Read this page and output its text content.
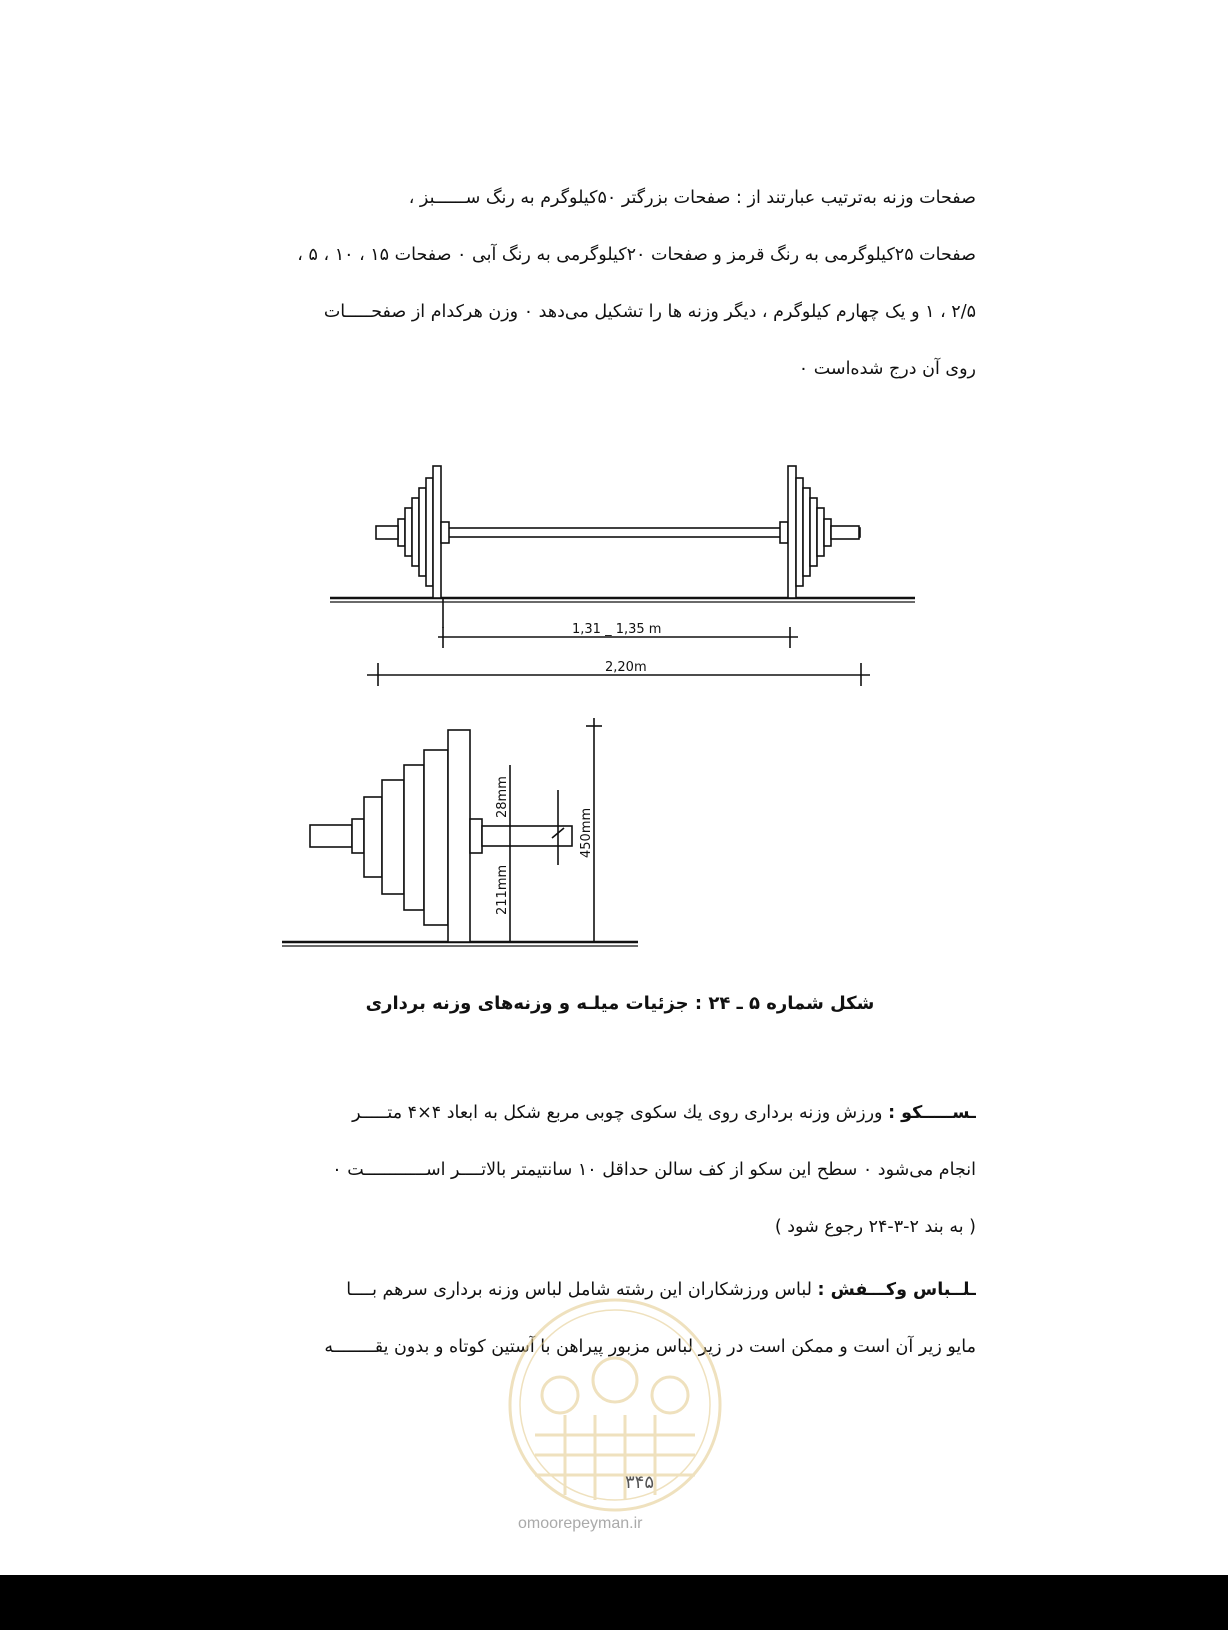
صفحات وزنه به‌ترتیب عبارتند از : صفحات بزرگتر ۵۰کیلوگرم به رنگ ســــــبز ،
صفحات ۲۵کیلوگرمی به رنگ قرمز و صفحات ۲۰کیلوگرمی به رنگ آبی ۰ صفحات ۱۵ ، ۱۰ ، ۵ ،
۲/۵ ، ۱ و یک چهارم کیلوگرم ، دیگر وزنه ها را تشکیل می‌دهد ۰ وزن هرکدام از صفحـــــات
روی آن درج شده‌است ۰
1,31 _ 1,35 m
2,20m
28mm
211mm
450mm
شکل شماره ۵ ـ ۲۴ : جزئیات میلـه و وزنه‌های وزنه برداری
ـســـــکو : ورزش وزنه برداری روی یك سکوی چوبی مربع شکل به ابعاد ۴×۴ متـــــر
انجام می‌شود ۰ سطح این سکو از کف سالن حداقل ۱۰ سانتیمتر بالاتــــر اســــــــــــت ۰
( به بند ۲-۳-۲۴ رجوع شود )
ـلــباس وکـــفش : لباس ورزشکاران این رشته شامل لباس وزنه برداری سرهم بــــا
مایو زیر آن است و ممکن است در زیر لباس مزبور پیراهن با آستین کوتاه و بدون یقــــــــه
۳۴۵
omoorepeyman.ir
